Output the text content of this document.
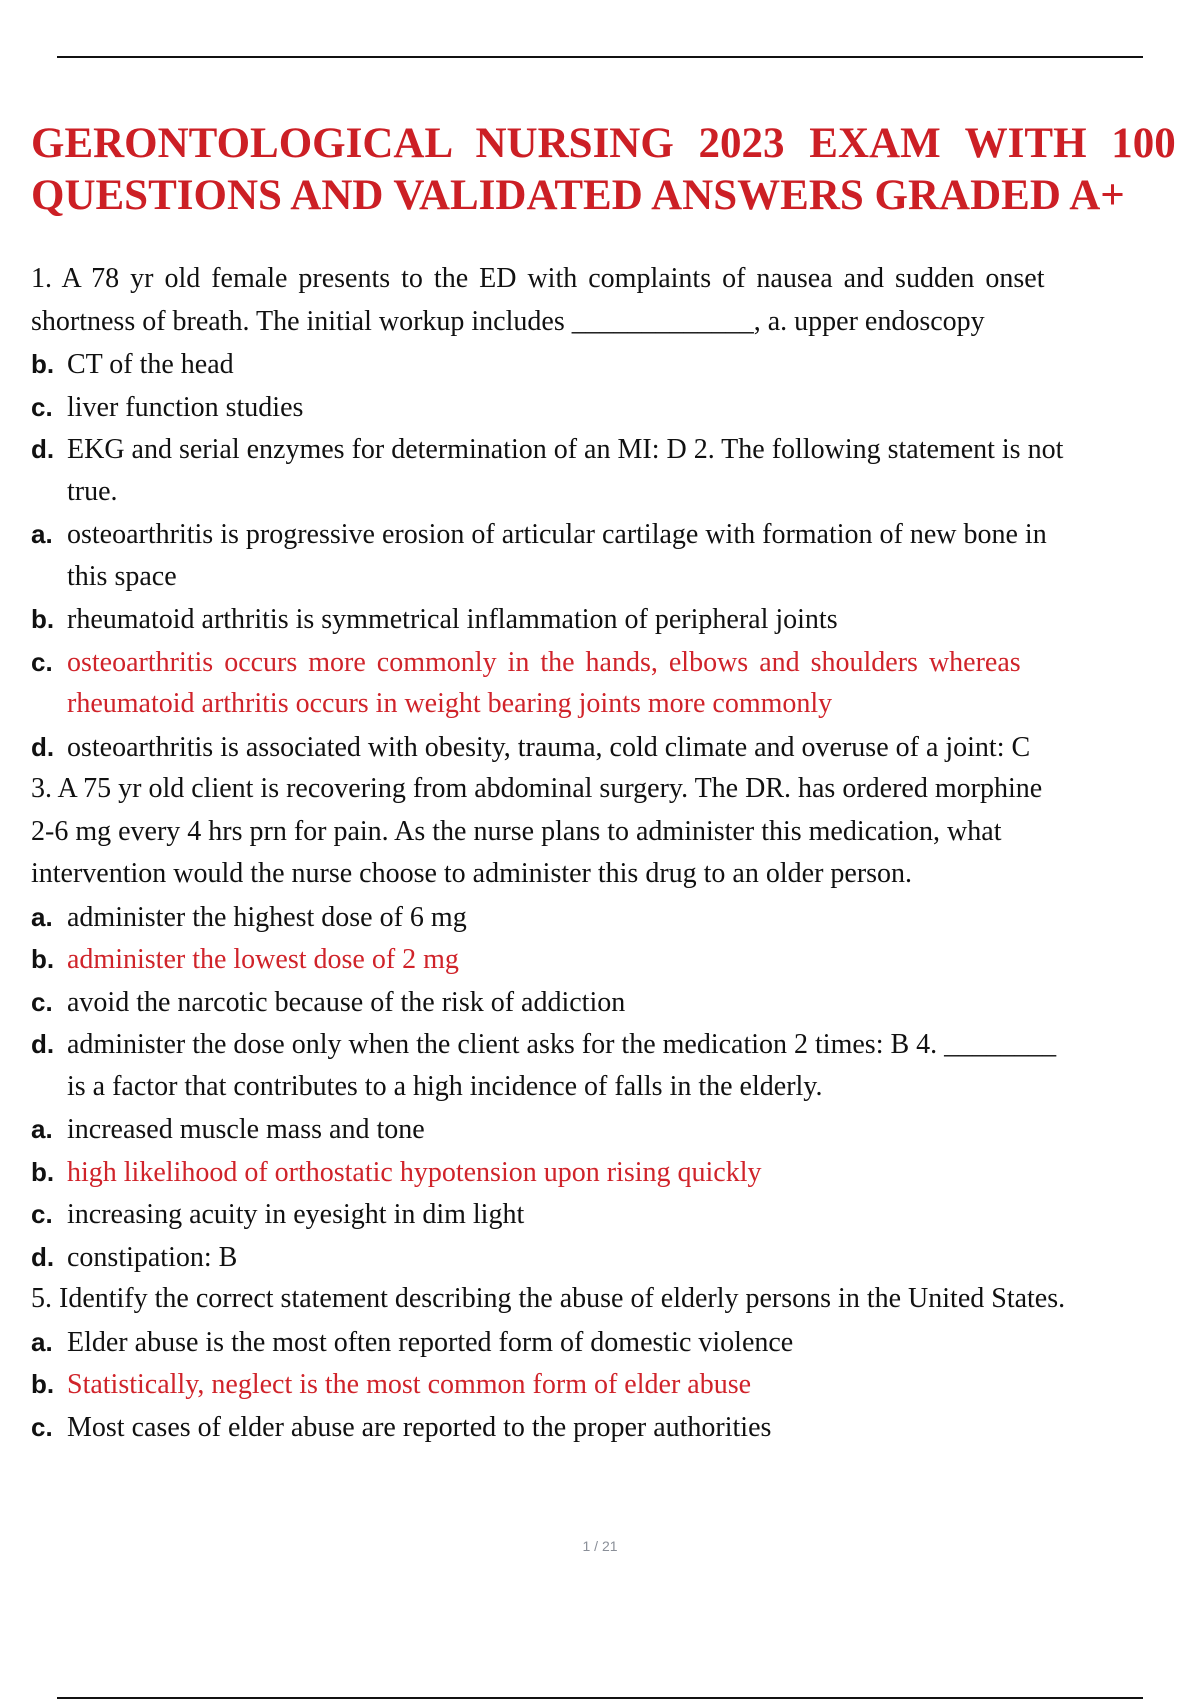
GERONTOLOGICAL NURSING 2023 EXAM WITH 100
QUESTIONS AND VALIDATED ANSWERS GRADED A+
1. A 78 yr old female presents to the ED with complaints of nausea and sudden onset
shortness of breath. The initial workup includes _____________, a. upper endoscopy
b. CT of the head
c. liver function studies
d. EKG and serial enzymes for determination of an MI: D 2. The following statement is not
true.
a. osteoarthritis is progressive erosion of articular cartilage with formation of new bone in
this space
b. rheumatoid arthritis is symmetrical inflammation of peripheral joints
c. osteoarthritis occurs more commonly in the hands, elbows and shoulders whereas
rheumatoid arthritis occurs in weight bearing joints more commonly
d. osteoarthritis is associated with obesity, trauma, cold climate and overuse of a joint: C
3. A 75 yr old client is recovering from abdominal surgery. The DR. has ordered morphine
2-6 mg every 4 hrs prn for pain. As the nurse plans to administer this medication, what
intervention would the nurse choose to administer this drug to an older person.
a. administer the highest dose of 6 mg
b. administer the lowest dose of 2 mg
c. avoid the narcotic because of the risk of addiction
d. administer the dose only when the client asks for the medication 2 times: B 4. ________
is a factor that contributes to a high incidence of falls in the elderly.
a. increased muscle mass and tone
b. high likelihood of orthostatic hypotension upon rising quickly
c. increasing acuity in eyesight in dim light
d. constipation: B
5. Identify the correct statement describing the abuse of elderly persons in the United States.
a. Elder abuse is the most often reported form of domestic violence
b. Statistically, neglect is the most common form of elder abuse
c. Most cases of elder abuse are reported to the proper authorities
1 / 21
